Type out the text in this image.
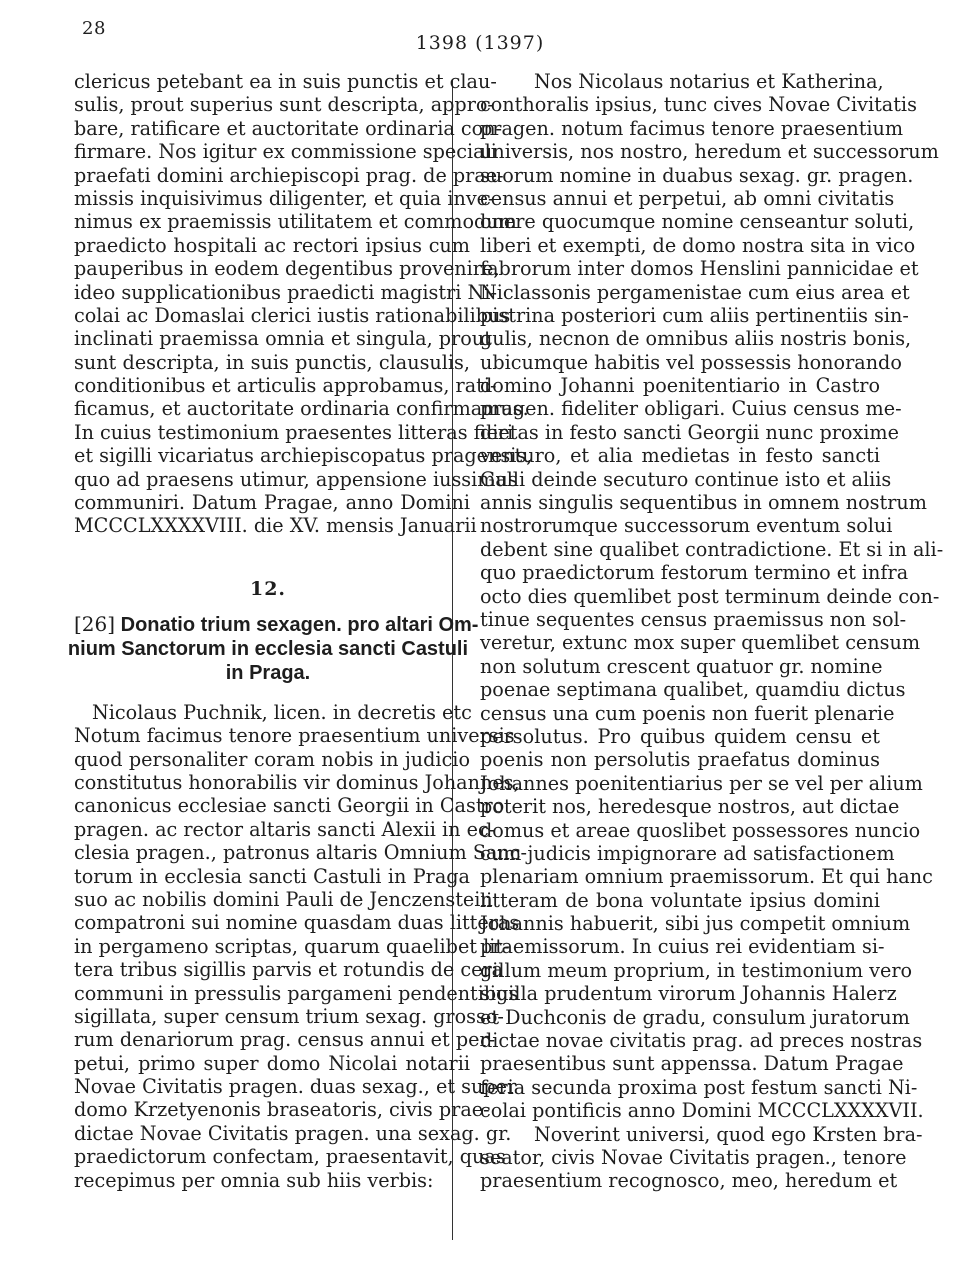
28
1398 (1397)
clericus petebant ea in suis punctis et clau-
sulis, prout superius sunt descripta, appro-
bare, ratificare et auctoritate ordinaria con-
firmare. Nos igitur ex commissione speciali
praefati domini archiepiscopi prag. de prae-
missis inquisivimus diligenter, et quia inve-
nimus ex praemissis utilitatem et commodum
praedicto hospitali ac rectori ipsius cum
pauperibus in eodem degentibus provenire,
ideo supplicationibus praedicti magistri Ni-
colai ac Domaslai clerici iustis rationabilibus
inclinati praemissa omnia et singula, prout
sunt descripta, in suis punctis, clausulis,
conditionibus et articulis approbamus, rati-
ficamus, et auctoritate ordinaria confirmamus.
In cuius testimonium praesentes litteras fieri
et sigilli vicariatus archiepiscopatus pragensis,
quo ad praesens utimur, appensione iussimus
communiri. Datum Pragae, anno Domini
MCCCLXXXXVIII. die XV. mensis Januarii
12.
[26] Donatio trium sexagen. pro altari Om-
nium Sanctorum in ecclesia sancti Castuli
in Praga.
Nicolaus Puchnik, licen. in decretis etc
Notum facimus tenore praesentium universis
quod personaliter coram nobis in judicio
constitutus honorabilis vir dominus Johannes,
canonicus ecclesiae sancti Georgii in Castro
pragen. ac rector altaris sancti Alexii in ec-
clesia pragen., patronus altaris Omnium Sanc-
torum in ecclesia sancti Castuli in Praga
suo ac nobilis domini Pauli de Jenczenstein
compatroni sui nomine quasdam duas litteras
in pergameno scriptas, quarum quaelibet lit-
tera tribus sigillis parvis et rotundis de cera
communi in pressulis pargameni pendentibus
sigillata, super censum trium sexag. grosso-
rum denariorum prag. census annui et per-
petui, primo super domo Nicolai notarii
Novae Civitatis pragen. duas sexag., et super
domo Krzetyenonis braseatoris, civis prae-
dictae Novae Civitatis pragen. una sexag. gr.
praedictorum confectam, praesentavit, quas
recepimus per omnia sub hiis verbis:
Nos Nicolaus notarius et Katherina,
conthoralis ipsius, tunc cives Novae Civitatis
pragen. notum facimus tenore praesentium
universis, nos nostro, heredum et successorum
suorum nomine in duabus sexag. gr. pragen.
census annui et perpetui, ab omni civitatis
onere quocumque nomine censeantur soluti,
liberi et exempti, de domo nostra sita in vico
fabrorum inter domos Henslini pannicidae et
Niclassonis pergamenistae cum eius area et
pistrina posteriori cum aliis pertinentiis sin-
gulis, necnon de omnibus aliis nostris bonis,
ubicumque habitis vel possessis honorando
domino Johanni poenitentiario in Castro
pragen. fideliter obligari. Cuius census me-
dietas in festo sancti Georgii nunc proxime
venturo, et alia medietas in festo sancti
Galli deinde secuturo continue isto et aliis
annis singulis sequentibus in omnem nostrum
nostrorumque successorum eventum solui
debent sine qualibet contradictione. Et si in ali-
quo praedictorum festorum termino et infra
octo dies quemlibet post terminum deinde con-
tinue sequentes census praemissus non sol-
veretur, extunc mox super quemlibet censum
non solutum crescent quatuor gr. nomine
poenae septimana qualibet, quamdiu dictus
census una cum poenis non fuerit plenarie
persolutus. Pro quibus quidem censu et
poenis non persolutis praefatus dominus
Johannes poenitentiarius per se vel per alium
poterit nos, heredesque nostros, aut dictae
domus et areae quoslibet possessores nuncio
cum judicis impignorare ad satisfactionem
plenariam omnium praemissorum. Et qui hanc
litteram de bona voluntate ipsius domini
Johannis habuerit, sibi jus competit omnium
praemissorum. In cuius rei evidentiam si-
gillum meum proprium, in testimonium vero
sigilla prudentum virorum Johannis Halerz
et Duchconis de gradu, consulum juratorum
dictae novae civitatis prag. ad preces nostras
praesentibus sunt appenssa. Datum Pragae
feria secunda proxima post festum sancti Ni-
colai pontificis anno Domini MCCCLXXXXVII.
Noverint universi, quod ego Krsten bra-
seator, civis Novae Civitatis pragen., tenore
praesentium recognosco, meo, heredum et
